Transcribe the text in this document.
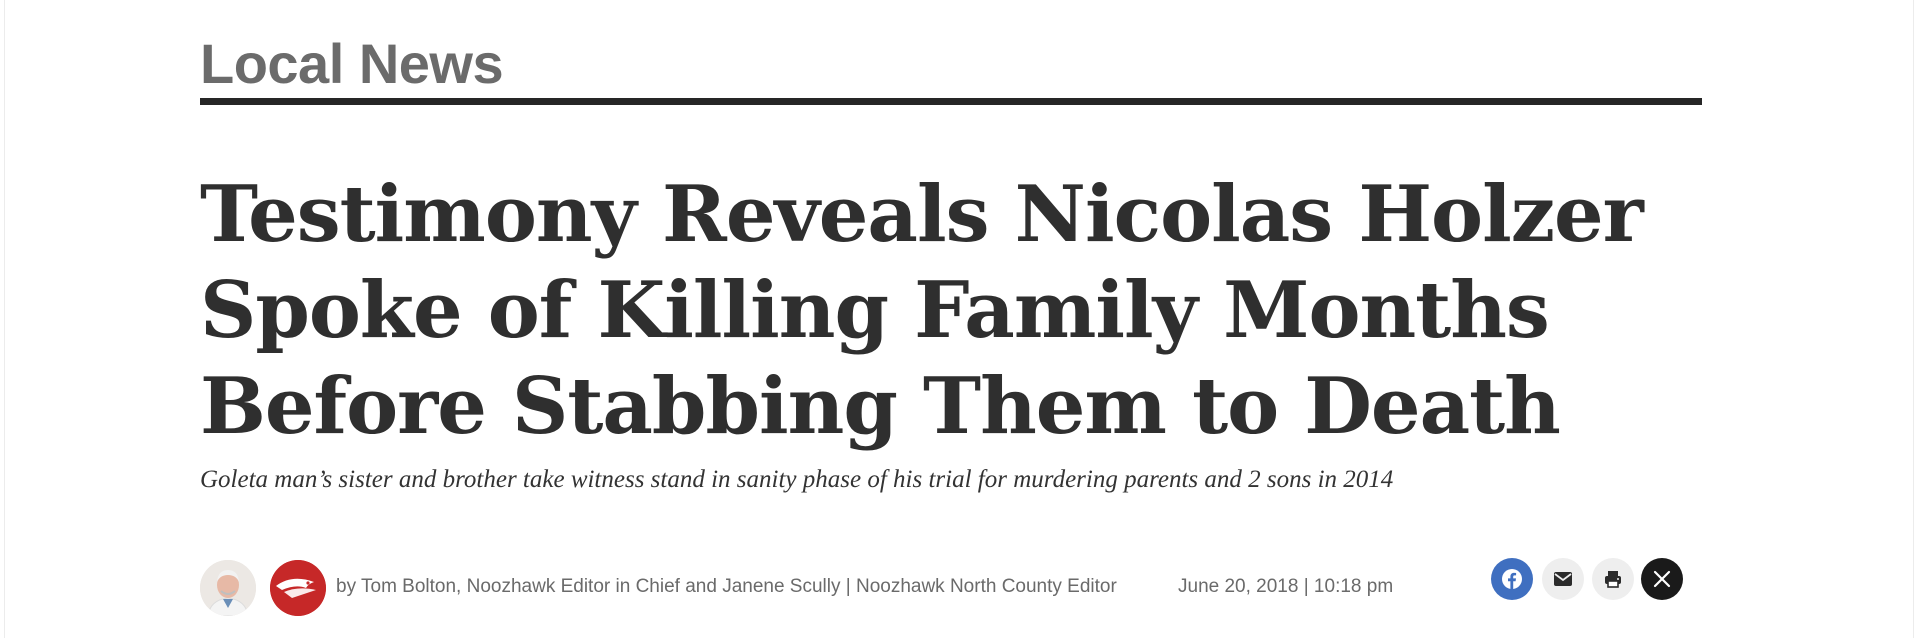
Local News
Testimony Reveals Nicolas Holzer Spoke of Killing Family Months Before Stabbing Them to Death

Goleta man’s sister and brother take witness stand in sanity phase of his trial for murdering parents and 2 sons in 2014

by Tom Bolton, Noozhawk Editor in Chief and Janene Scully | Noozhawk North County Editor	June 20, 2018 | 10:18 pm
